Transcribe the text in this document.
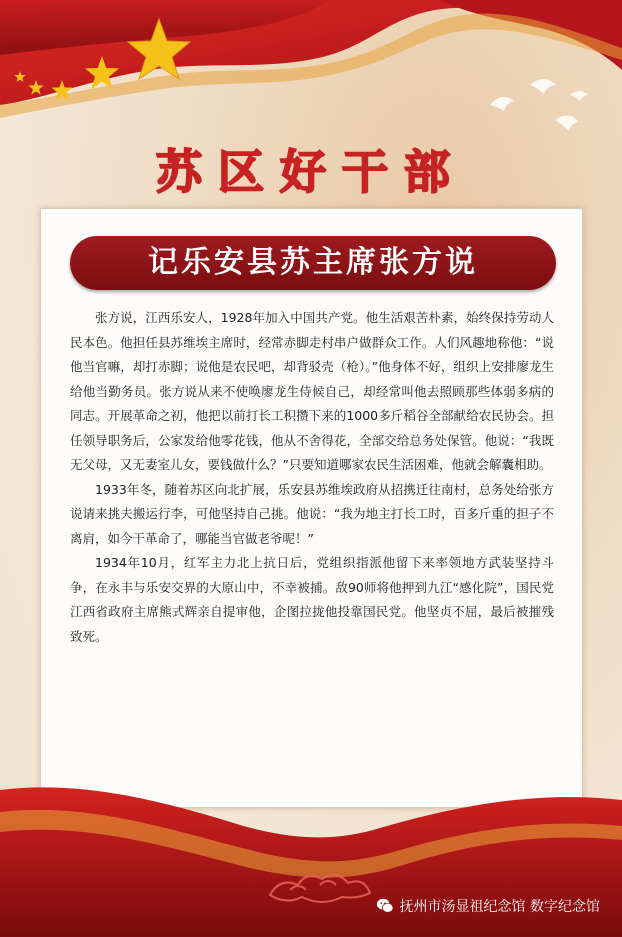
苏区好干部
记乐安县苏主席张方说

张方说，江西乐安人，1928年加入中国共产党。他生活艰苦朴素，始终保持劳动人民本色。他担任县苏维埃主席时，经常赤脚走村串户做群众工作。人们风趣地称他：“说他当官嘛，却打赤脚；说他是农民吧，却背驳壳（枪）。”他身体不好，组织上安排廖龙生给他当勤务员。张方说从来不使唤廖龙生侍候自己，却经常叫他去照顾那些体弱多病的同志。开展革命之初，他把以前打长工积攒下来的1000多斤稻谷全部献给农民协会。担任领导职务后，公家发给他零花钱，他从不舍得花，全部交给总务处保管。他说：“我既无父母，又无妻室儿女，要钱做什么？”只要知道哪家农民生活困难，他就会解囊相助。

1933年冬，随着苏区向北扩展，乐安县苏维埃政府从招携迁往南村，总务处给张方说请来挑夫搬运行李，可他坚持自己挑。他说：“我为地主打长工时，百多斤重的担子不离肩，如今干革命了，哪能当官做老爷呢！”

1934年10月，红军主力北上抗日后，党组织指派他留下来率领地方武装坚持斗争，在永丰与乐安交界的大原山中，不幸被捕。敌90师将他押到九江“感化院”，国民党江西省政府主席熊式辉亲自提审他，企图拉拢他投靠国民党。他坚贞不屈，最后被摧残致死。

抚州市汤显祖纪念馆 数字纪念馆
